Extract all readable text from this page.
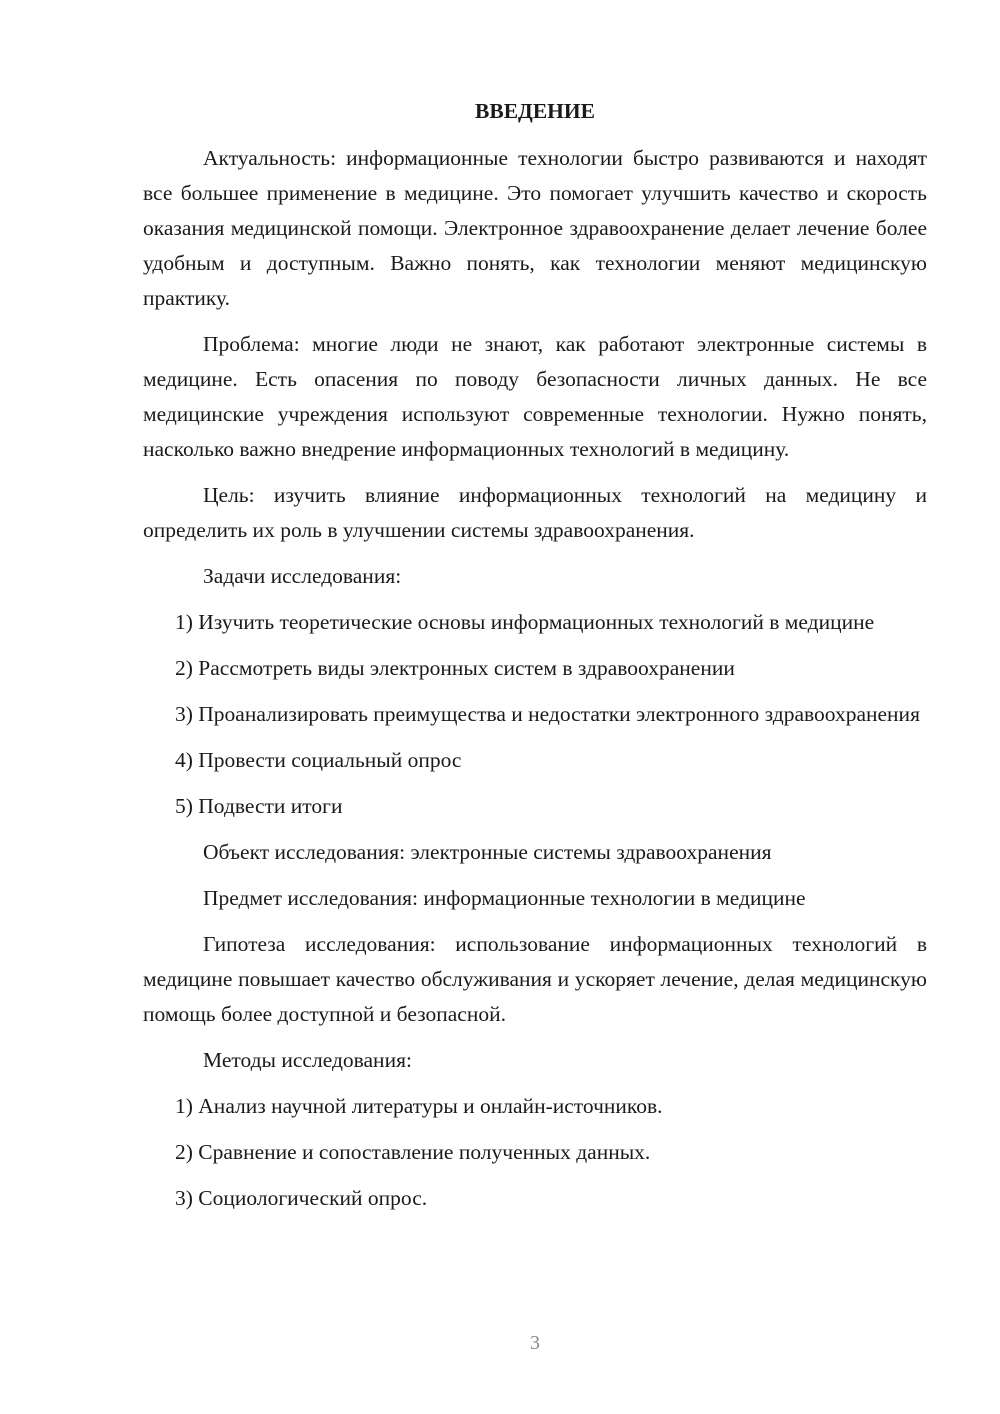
ВВЕДЕНИЕ

Актуальность: информационные технологии быстро развиваются и находят все большее применение в медицине. Это помогает улучшить качество и скорость оказания медицинской помощи. Электронное здравоохранение делает лечение более удобным и доступным. Важно понять, как технологии меняют медицинскую практику.

Проблема: многие люди не знают, как работают электронные системы в медицине. Есть опасения по поводу безопасности личных данных. Не все медицинские учреждения используют современные технологии. Нужно понять, насколько важно внедрение информационных технологий в медицину.

Цель: изучить влияние информационных технологий на медицину и определить их роль в улучшении системы здравоохранения.

Задачи исследования:

1) Изучить теоретические основы информационных технологий в медицине

2) Рассмотреть виды электронных систем в здравоохранении

3) Проанализировать преимущества и недостатки электронного здравоохранения

4) Провести социальный опрос

5) Подвести итоги

Объект исследования: электронные системы здравоохранения

Предмет исследования: информационные технологии в медицине

Гипотеза исследования: использование информационных технологий в медицине повышает качество обслуживания и ускоряет лечение, делая медицинскую помощь более доступной и безопасной.

Методы исследования:

1) Анализ научной литературы и онлайн-источников.

2) Сравнение и сопоставление полученных данных.

3) Социологический опрос.

3
